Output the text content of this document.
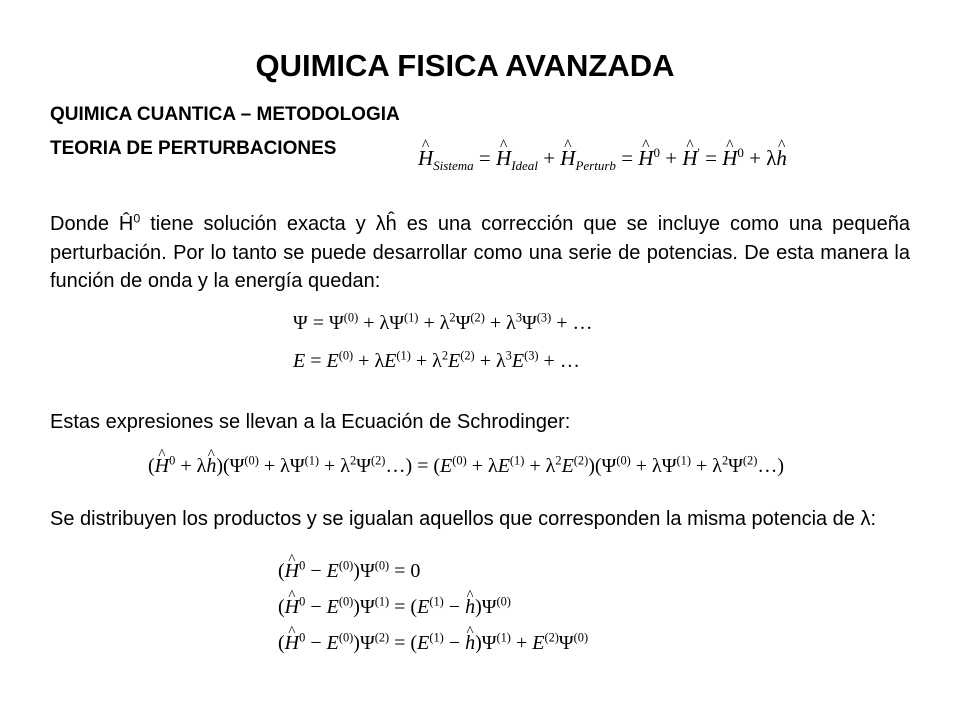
QUIMICA FISICA AVANZADA
QUIMICA CUANTICA – METODOLOGIA
TEORIA DE PERTURBACIONES
^	$H_{Sistema}$ = ^ $H_{Ideal}$ + ^ $H_{Perturb}$ = ^ $H^0$ + ^ H' = ^ $H^0$ + λ^ h
Donde $Ĥ^0$ tiene solución exacta y λĥ es una corrección que se incluye como una pequeña perturbación. Por lo tanto se puede desarrollar como una serie de potencias. De esta manera la función de onda y la energía quedan:
$\Psi = \Psi^{(0)} + \lambda\Psi^{(1)} + \lambda^2\Psi^{(2)} + \lambda^3\Psi^{(3)}$ + …
$E = E^{(0)} + \lambda E^{(1)} + \lambda^2E^{(2)} + \lambda^3E^{(3)}$ + …
Estas expresiones se llevan a la Ecuación de Schrodinger:
(^ $H^0$ + λ^ $h)(\Psi^{(0)} + \lambda\Psi^{(1)}$ + $\lambda^2\Psi^{(2)}\dots) = (E^{(0)} + \lambda E^{(1)} + \lambda^2E^{(2)})(\Psi^{(0)} + \lambda\Psi^{(1)}$ + $\lambda^2\Psi^{(2)}\dots$)
Se distribuyen los productos y se igualan aquellos que corresponden la misma potencia de λ:
(^ $H^0 - E^{(0)})\Psi^{(0)} = 0$
(^ $H^0 - E^{(0)})\Psi^{(1)} = (E^{(1)}$ − ^ $h)\Psi^{(0)}$
(^ $H^0 - E^{(0)})\Psi^{(2)} = (E^{(1)}$ − ^ $h)\Psi^{(1)} + E^{(2)}\Psi^{(0)}$
